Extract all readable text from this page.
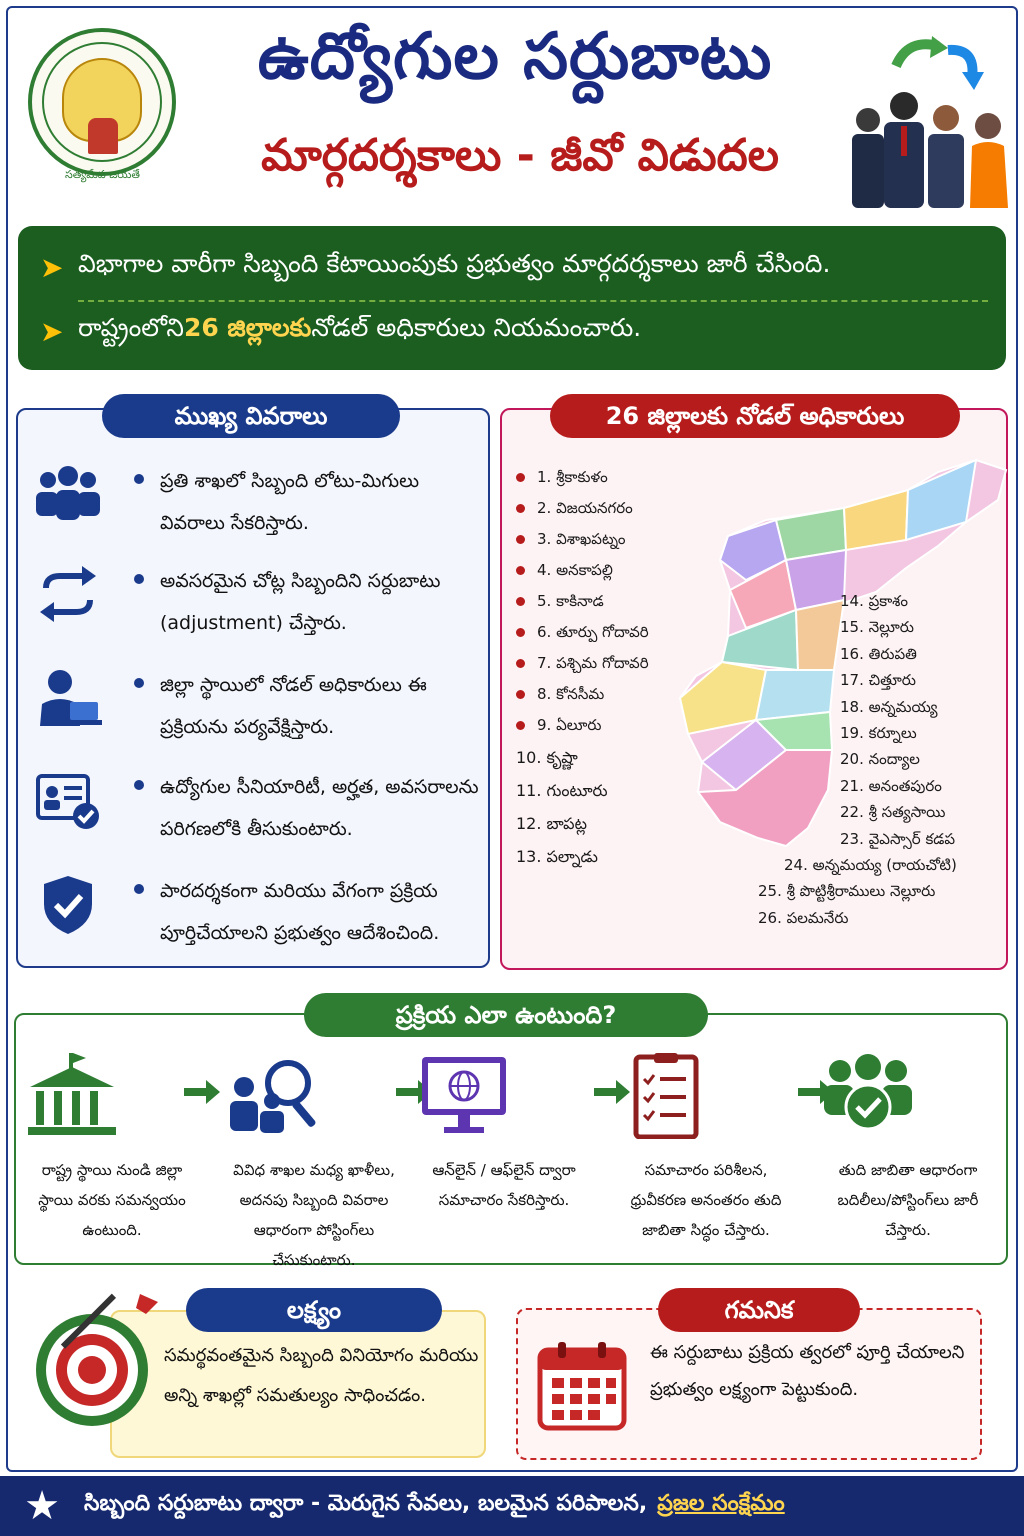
సత్యమేవ జయతే
ఉద్యోగుల సర్దుబాటు
మార్గదర్శకాలు - జీవో విడుదల
➤ విభాగాల వారీగా సిబ్బంది కేటాయింపుకు ప్రభుత్వం మార్గదర్శకాలు జారీ చేసింది.
➤ రాష్ట్రంలోని 26 జిల్లాలకు నోడల్ అధికారులు నియమంచారు.
ముఖ్య వివరాలు
ప్రతి శాఖలో సిబ్బంది లోటు-మిగులు వివరాలు సేకరిస్తారు.
అవసరమైన చోట్ల సిబ్బందిని సర్దుబాటు (adjustment) చేస్తారు.
జిల్లా స్థాయిలో నోడల్ అధికారులు ఈ ప్రక్రియను పర్యవేక్షిస్తారు.
ఉద్యోగుల సీనియారిటీ, అర్హత, అవసరాలను పరిగణలోకి తీసుకుంటారు.
పారదర్శకంగా మరియు వేగంగా ప్రక్రియ పూర్తిచేయాలని ప్రభుత్వం ఆదేశించింది.
26 జిల్లాలకు నోడల్ అధికారులు
1. శ్రీకాకుళం
2. విజయనగరం
3. విశాఖపట్నం
4. అనకాపల్లి
5. కాకినాడ
6. తూర్పు గోదావరి
7. పశ్చిమ గోదావరి
8. కోనసీమ
9. ఏలూరు
10. కృష్ణా
11. గుంటూరు
12. బాపట్ల
13. పల్నాడు
14. ప్రకాశం
15. నెల్లూరు
16. తిరుపతి
17. చిత్తూరు
18. అన్నమయ్య
19. కర్నూలు
20. నంద్యాల
21. అనంతపురం
22. శ్రీ సత్యసాయి
23. వైఎస్సార్ కడప
24. అన్నమయ్య (రాయచోటి)
25. శ్రీ పొట్టిశ్రీరాములు నెల్లూరు
26. పలమనేరు
ప్రక్రియ ఎలా ఉంటుంది?
రాష్ట్ర స్థాయి నుండి జిల్లా స్థాయి వరకు సమన్వయం ఉంటుంది.
వివిధ శాఖల మధ్య ఖాళీలు, అదనపు సిబ్బంది వివరాల ఆధారంగా పోస్టింగ్‌లు చేసుకుంటారు.
ఆన్‌లైన్ / ఆఫ్‌లైన్ ద్వారా సమాచారం సేకరిస్తారు.
సమాచారం పరిశీలన, ధ్రువీకరణ అనంతరం తుది జాబితా సిద్ధం చేస్తారు.
తుది జాబితా ఆధారంగా బదిలీలు/పోస్టింగ్‌లు జారీ చేస్తారు.
సమర్థవంతమైన సిబ్బంది వినియోగం మరియు అన్ని శాఖల్లో సమతుల్యం సాధించడం.
లక్ష్యం
ఈ సర్దుబాటు ప్రక్రియ త్వరలో పూర్తి చేయాలని ప్రభుత్వం లక్ష్యంగా పెట్టుకుంది.
గమనిక
★	సిబ్బంది సర్దుబాటు ద్వారా - మెరుగైన సేవలు, బలమైన పరిపాలన, ప్రజల సంక్షేమం
